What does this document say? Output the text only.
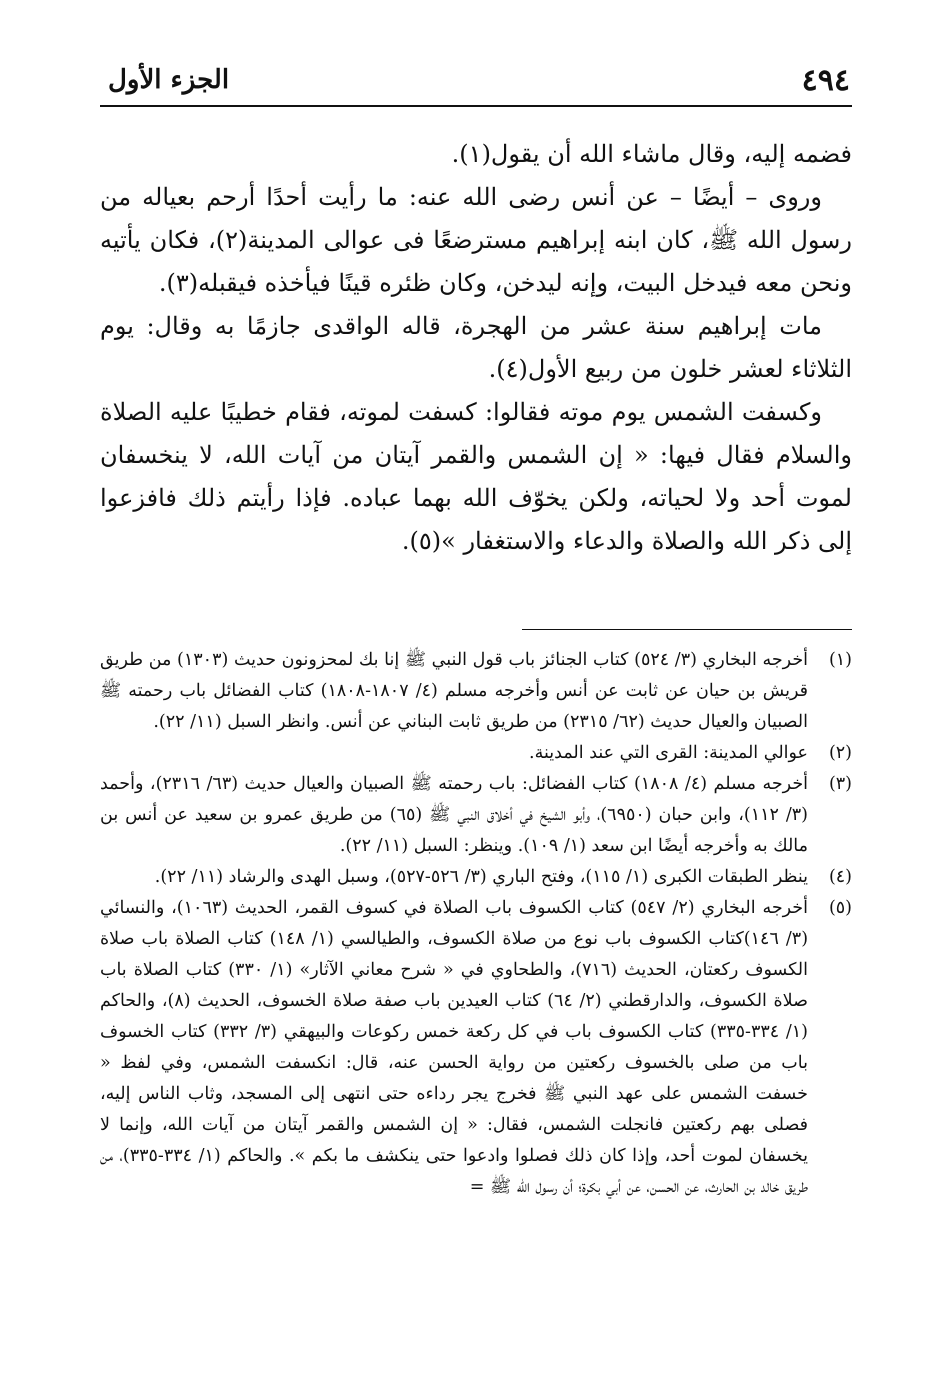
٤٩٤
الجزء الأول

فضمه إليه، وقال ماشاء الله أن يقول(١).

وروى – أيضًا – عن أنس رضى الله عنه: ما رأيت أحدًا أرحم بعياله من رسول الله ﷺ، كان ابنه إبراهيم مسترضعًا فى عوالى المدينة(٢)، فكان يأتيه ونحن معه فيدخل البيت، وإنه ليدخن، وكان ظئره قينًا فيأخذه فيقبله(٣).

مات إبراهيم سنة عشر من الهجرة، قاله الواقدى جازمًا به وقال: يوم الثلاثاء لعشر خلون من ربيع الأول(٤).

وكسفت الشمس يوم موته فقالوا: كسفت لموته، فقام خطيبًا عليه الصلاة والسلام فقال فيها: « إن الشمس والقمر آيتان من آيات الله، لا ينخسفان لموت أحد ولا لحياته، ولكن يخوّف الله بهما عباده. فإذا رأيتم ذلك فافزعوا إلى ذكر الله والصلاة والدعاء والاستغفار »(٥).

(١)
أخرجه البخاري (٣/ ٥٢٤) كتاب الجنائز باب قول النبي ﷺ إنا بك لمحزونون حديث (١٣٠٣) من طريق قريش بن حيان عن ثابت عن أنس وأخرجه مسلم (٤/ ١٨٠٧-١٨٠٨) كتاب الفضائل باب رحمته ﷺ الصبيان والعيال حديث (٦٢/ ٢٣١٥) من طريق ثابت البناني عن أنس. وانظر السبل (١١/ ٢٢).
(٢)
عوالي المدينة: القرى التي عند المدينة.
(٣)
أخرجه مسلم (٤/ ١٨٠٨) كتاب الفضائل: باب رحمته ﷺ الصبيان والعيال حديث (٦٣/ ٢٣١٦)، وأحمد (٣/ ١١٢)، وابن حبان (٦٩٥٠)، وأبو الشيخ في أخلاق النبي ﷺ (٦٥) من طريق عمرو بن سعيد عن أنس بن مالك به وأخرجه أيضًا ابن سعد (١/ ١٠٩). وينظر: السبل (١١/ ٢٢).
(٤)
ينظر الطبقات الكبرى (١/ ١١٥)، وفتح الباري (٣/ ٥٢٦-٥٢٧)، وسبل الهدى والرشاد (١١/ ٢٢).
(٥)
أخرجه البخاري (٢/ ٥٤٧) كتاب الكسوف باب الصلاة في كسوف القمر، الحديث (١٠٦٣)، والنسائي (٣/ ١٤٦)كتاب الكسوف باب نوع من صلاة الكسوف، والطيالسي (١/ ١٤٨) كتاب الصلاة باب صلاة الكسوف ركعتان، الحديث (٧١٦)، والطحاوي في « شرح معاني الآثار» (١/ ٣٣٠) كتاب الصلاة باب صلاة الكسوف، والدارقطني (٢/ ٦٤) كتاب العيدين باب صفة صلاة الخسوف، الحديث (٨)، والحاكم (١/ ٣٣٤-٣٣٥) كتاب الكسوف باب في كل ركعة خمس ركوعات والبيهقي (٣/ ٣٣٢) كتاب الخسوف باب من صلى بالخسوف ركعتين من رواية الحسن عنه، قال: انكسفت الشمس، وفي لفظ « خسفت الشمس على عهد النبي ﷺ فخرج يجر رداءه حتى انتهى إلى المسجد، وثاب الناس إليه، فصلى بهم ركعتين فانجلت الشمس، فقال: « إن الشمس والقمر آيتان من آيات الله، وإنما لا يخسفان لموت أحد، وإذا كان ذلك فصلوا وادعوا حتى ينكشف ما بكم ». والحاكم (١/ ٣٣٤-٣٣٥)، من طريق خالد بن الحارث، عن الحسن، عن أبي بكرة؛ أن رسول الله ﷺ =
